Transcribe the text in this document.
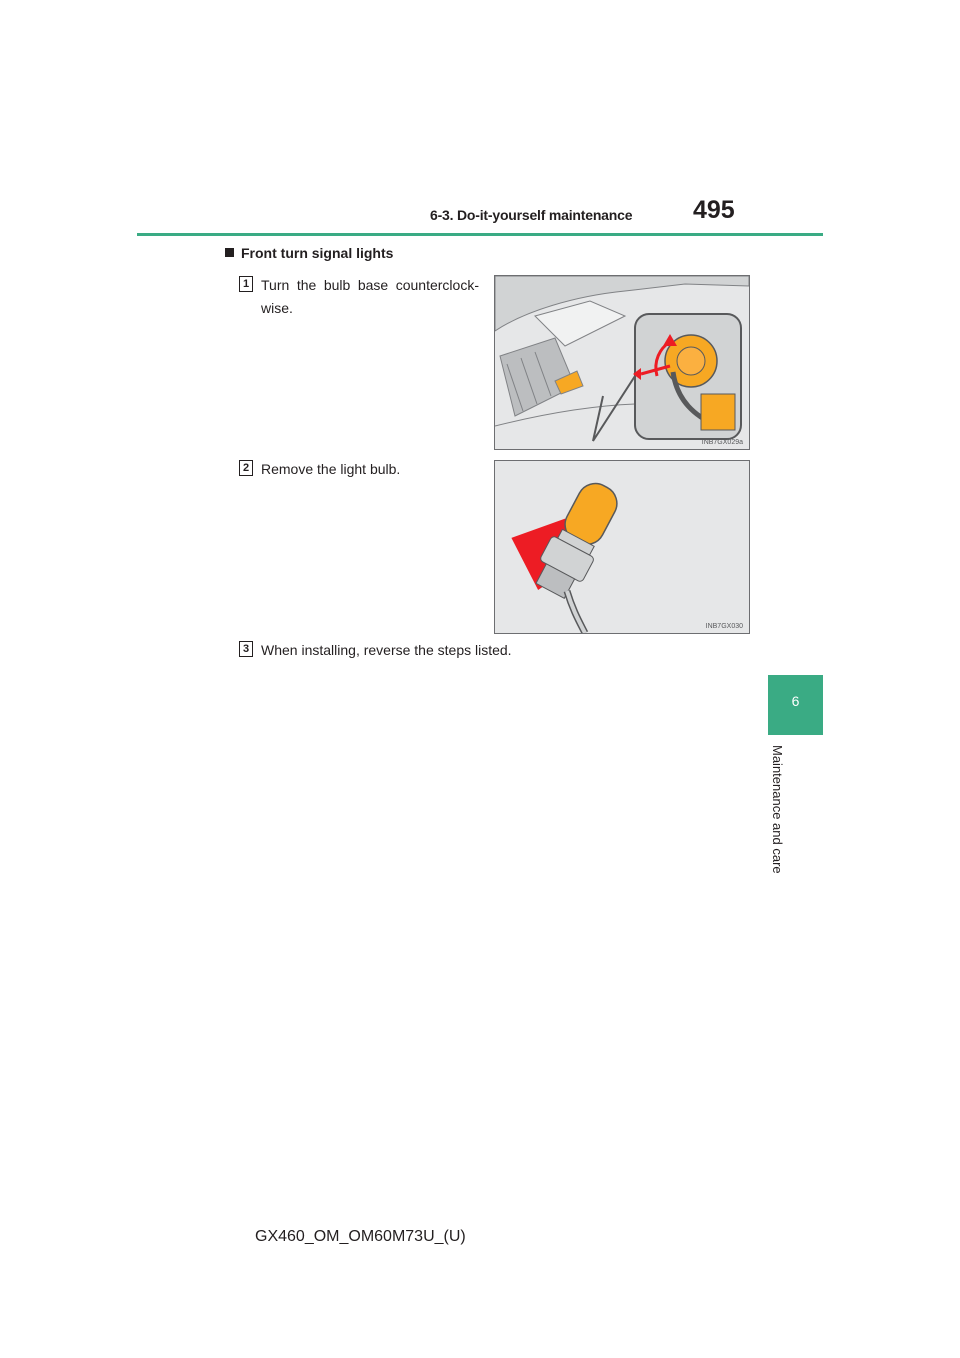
6-3. Do-it-yourself maintenance 495
Front turn signal lights
1 Turn the bulb base counterclock-wise.
INB7GX029a
2 Remove the light bulb.
INB7GX030
3 When installing, reverse the steps listed.
6
Maintenance and care
GX460_OM_OM60M73U_(U)
